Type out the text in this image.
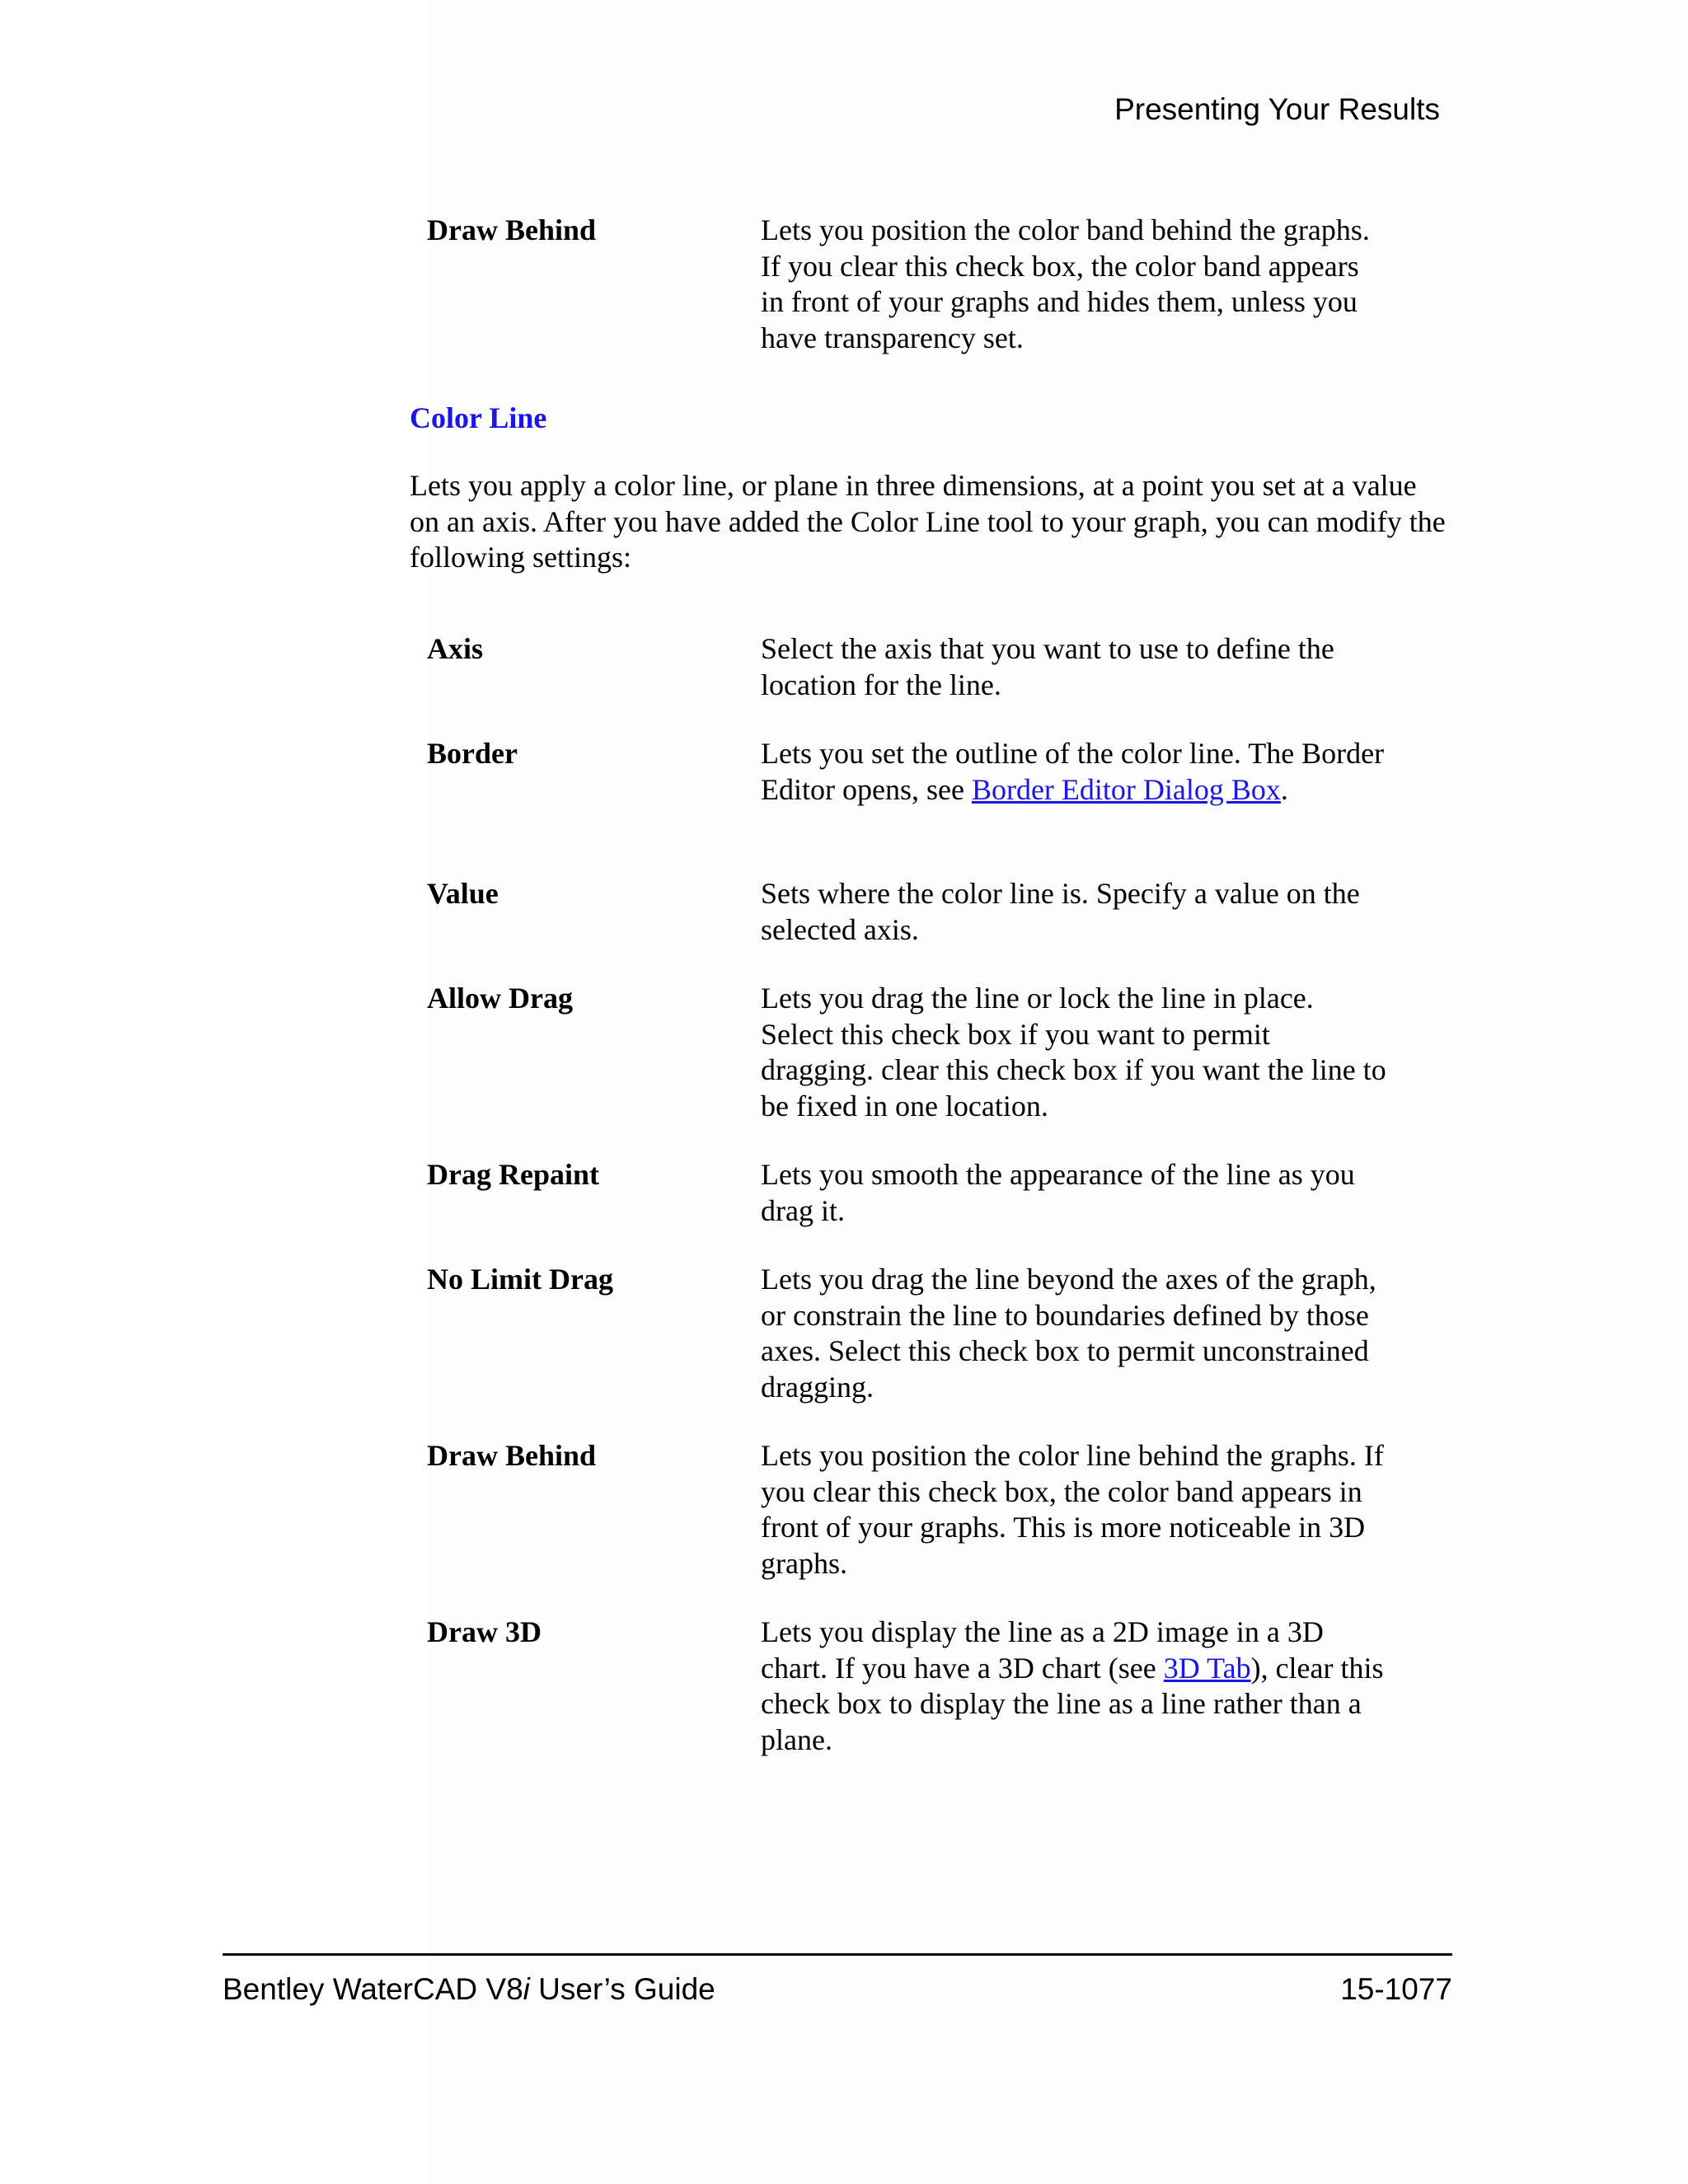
Presenting Your Results
Draw Behind	Lets you position the color band behind the graphs. If you clear this check box, the color band appears in front of your graphs and hides them, unless you have transparency set.
Color Line
Lets you apply a color line, or plane in three dimensions, at a point you set at a value on an axis. After you have added the Color Line tool to your graph, you can modify the following settings:
Axis	Select the axis that you want to use to define the location for the line.
Border	Lets you set the outline of the color line. The Border Editor opens, see Border Editor Dialog Box.
Value	Sets where the color line is. Specify a value on the selected axis.
Allow Drag	Lets you drag the line or lock the line in place. Select this check box if you want to permit dragging. clear this check box if you want the line to be fixed in one location.
Drag Repaint	Lets you smooth the appearance of the line as you drag it.
No Limit Drag	Lets you drag the line beyond the axes of the graph, or constrain the line to boundaries defined by those axes. Select this check box to permit unconstrained dragging.
Draw Behind	Lets you position the color line behind the graphs. If you clear this check box, the color band appears in front of your graphs. This is more noticeable in 3D graphs.
Draw 3D	Lets you display the line as a 2D image in a 3D chart. If you have a 3D chart (see 3D Tab), clear this check box to display the line as a line rather than a plane.
Bentley WaterCAD V8i User’s Guide	15-1077
